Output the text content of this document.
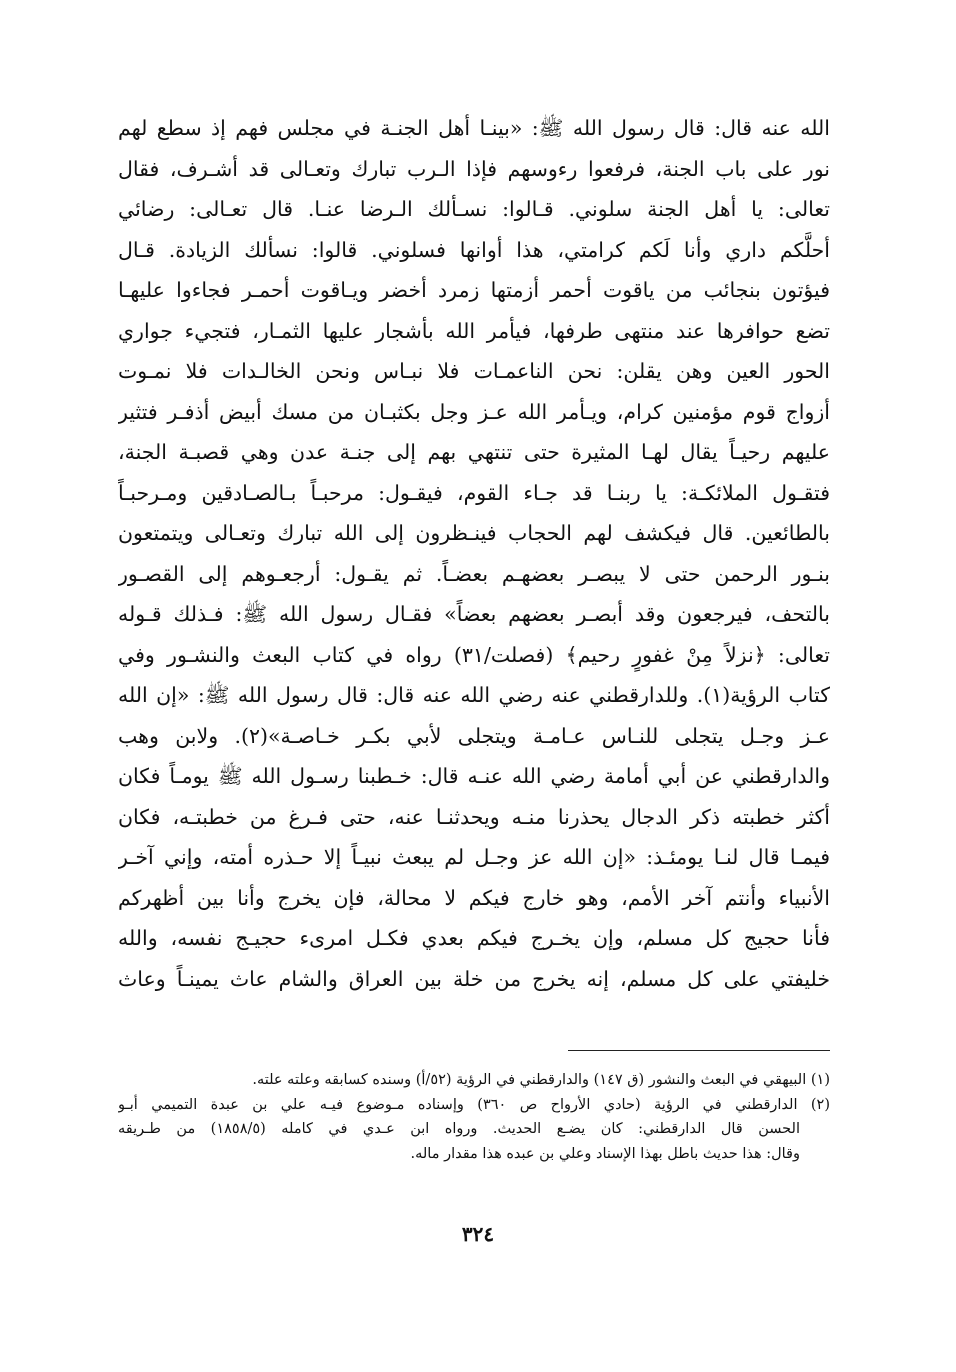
الله عنه قال: قال رسول الله ﷺ: «بينـا أهل الجنـة في مجلس فهم إذ سطع لهم
نور على باب الجنة، فرفعوا رءوسهم فإذا الـرب تبارك وتعـالى قد أشـرف، فقال
تعالى: يا أهل الجنة سلوني. قـالوا: نسـألك الـرضا عنـا. قال تعـالى: رضائي
أحلَّكم داري وأنا لَكم كرامتي، هذا أوانها فسلوني. قالوا: نسألك الزيادة. قـال
فيؤتون بنجائب من ياقوت أحمر أزمتها زمرد أخضر ويـاقوت أحمـر فجاءوا عليهـا
تضع حوافرها عند منتهى طرفها، فيأمر الله بأشجار عليها الثمـار، فتجيء جواري
الحور العين وهن يقلن: نحن الناعمـات فلا نبـاس ونحن الخالـدات فلا نمـوت
أزواج قوم مؤمنين كرام، ويـأمر الله عـز وجل بكثبـان من مسك أبيض أذفـر فتثير
عليهم رحيـاً يقال لهـا المثيرة حتى تنتهي بهم إلى جنـة عدن وهي قصبـة الجنة،
فتقـول الملائكـة: يا ربنـا قد جـاء القوم، فيقـول: مرحبـاً بـالصـادقين ومـرحبـاً
بالطائعين. قال فيكشف لهم الحجاب فينـظرون إلى الله تبارك وتعـالى ويتمتعون
بنـور الرحمن حتى لا يبصـر بعضهـم بعضـاً. ثم يقـول: أرجعـوهم إلى القصـور
بالتحف، فيرجعون وقد أبصـر بعضهم بعضاً» فقـال رسول الله ﷺ: فـذلك قـوله
تعالى: ﴿نزلاً مِنْ غفورٍ رحيم﴾ (فصلت/٣١) رواه في كتاب البعث والنشـور وفي
كتاب الرؤية(١). وللدارقطني عنه رضي الله عنه قال: قال رسول الله ﷺ: «إن الله
عـز وجـل يتجلى للنـاس عـامـة ويتجلى لأبي بكـر خـاصـة»(٢). ولابن وهب
والدارقطني عن أبي أمامة رضي الله عنـه قال: خـطبنا رسـول الله ﷺ يومـاً فكان
أكثر خطبته ذكر الدجال يحذرنا منـه ويحدثنـا عنه، حتى فـرغ من خطبتـه، فكان
فيمـا قال لنـا يومئـذ: «إن الله عز وجـل لم يبعث نبيـاً إلا حـذره أمته، وإني آخـر
الأنبياء وأنتم آخر الأمم، وهو خارج فيكم لا محالة، فإن يخرج وأنا بين أظهركم
فأنا حجيج كل مسلم، وإن يخـرج فيكم بعدي فكـل امرىء حجيـج نفسه، والله
خليفتي على كل مسلم، إنه يخرج من خلة بين العراق والشام عاث يمينـاً وعاث
(١) البيهقي في البعث والنشور (ق ١٤٧) والدارقطني في الرؤية (٥٢/أ) وسنده كسابقه وعلته علته.
(٢) الدارقطني في الرؤية (حادي الأرواح ص ٣٦٠) وإسناده مـوضوع فيـه علي بن عبدة التميمي أبـو
الحسن قال الدارقطني: كان يضـع الحديث. ورواه ابن عـدي في كامله (١٨٥٨/٥) من طـريقه
وقال: هذا حديث باطل بهذا الإسناد وعلي بن عبده هذا مقدار ماله.
٣٢٤
